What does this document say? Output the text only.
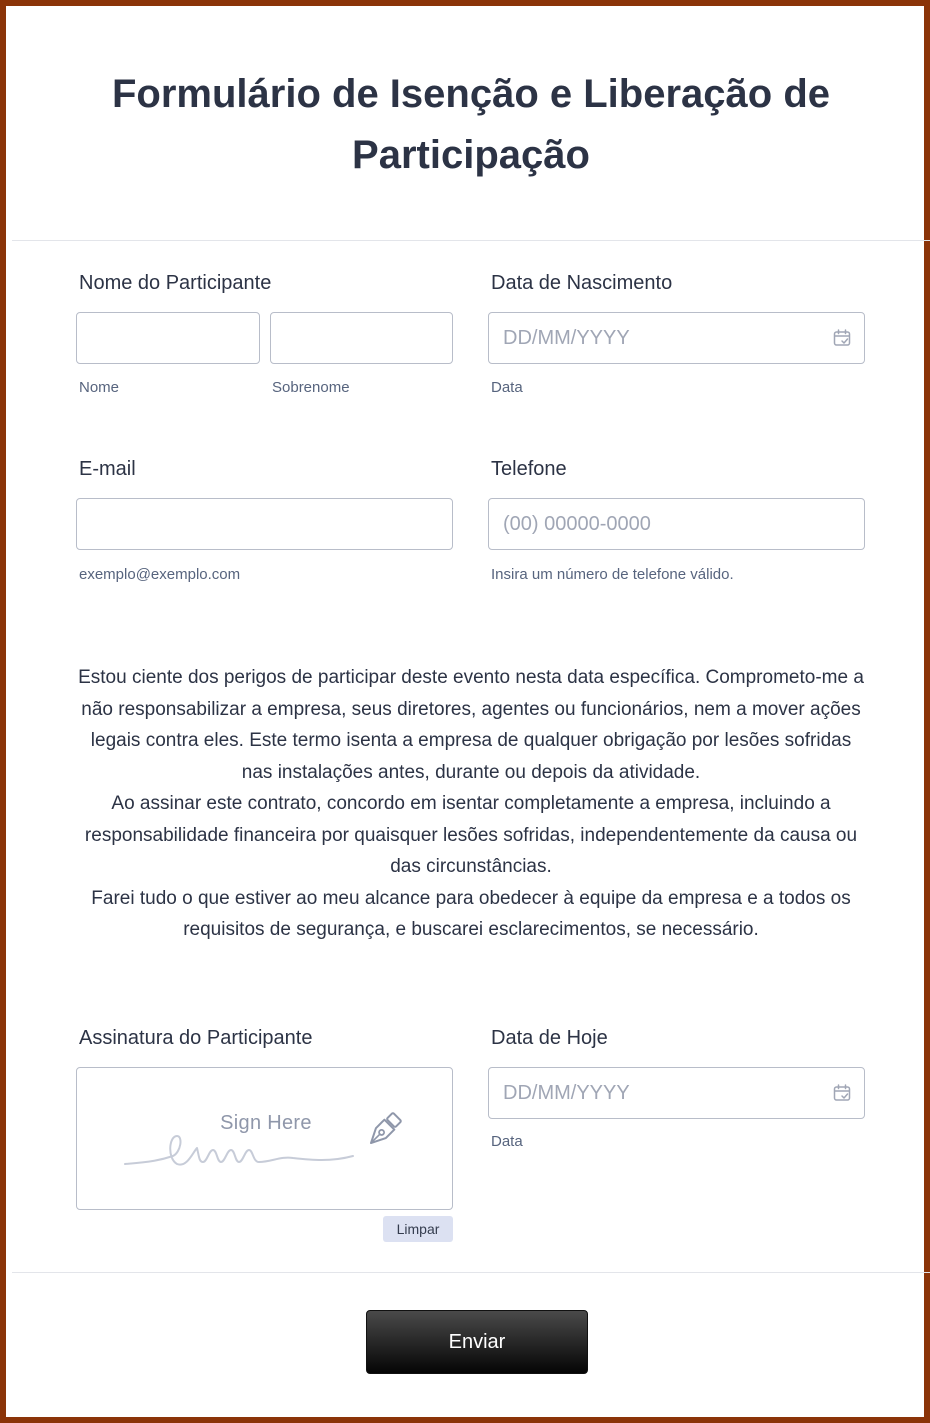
Formulário de Isenção e Liberação de Participação
Nome do Participante
Nome	Sobrenome
Data de Nascimento
DD/MM/YYYY
Data
E-mail
exemplo@exemplo.com
Telefone
(00) 00000-0000
Insira um número de telefone válido.

Estou ciente dos perigos de participar deste evento nesta data específica. Comprometo-me a não responsabilizar a empresa, seus diretores, agentes ou funcionários, nem a mover ações legais contra eles. Este termo isenta a empresa de qualquer obrigação por lesões sofridas nas instalações antes, durante ou depois da atividade.

Ao assinar este contrato, concordo em isentar completamente a empresa, incluindo a responsabilidade financeira por quaisquer lesões sofridas, independentemente da causa ou das circunstâncias.

Farei tudo o que estiver ao meu alcance para obedecer à equipe da empresa e a todos os requisitos de segurança, e buscarei esclarecimentos, se necessário.

Assinatura do Participante
Sign Here
Limpar
Data de Hoje
DD/MM/YYYY
Data
Enviar
